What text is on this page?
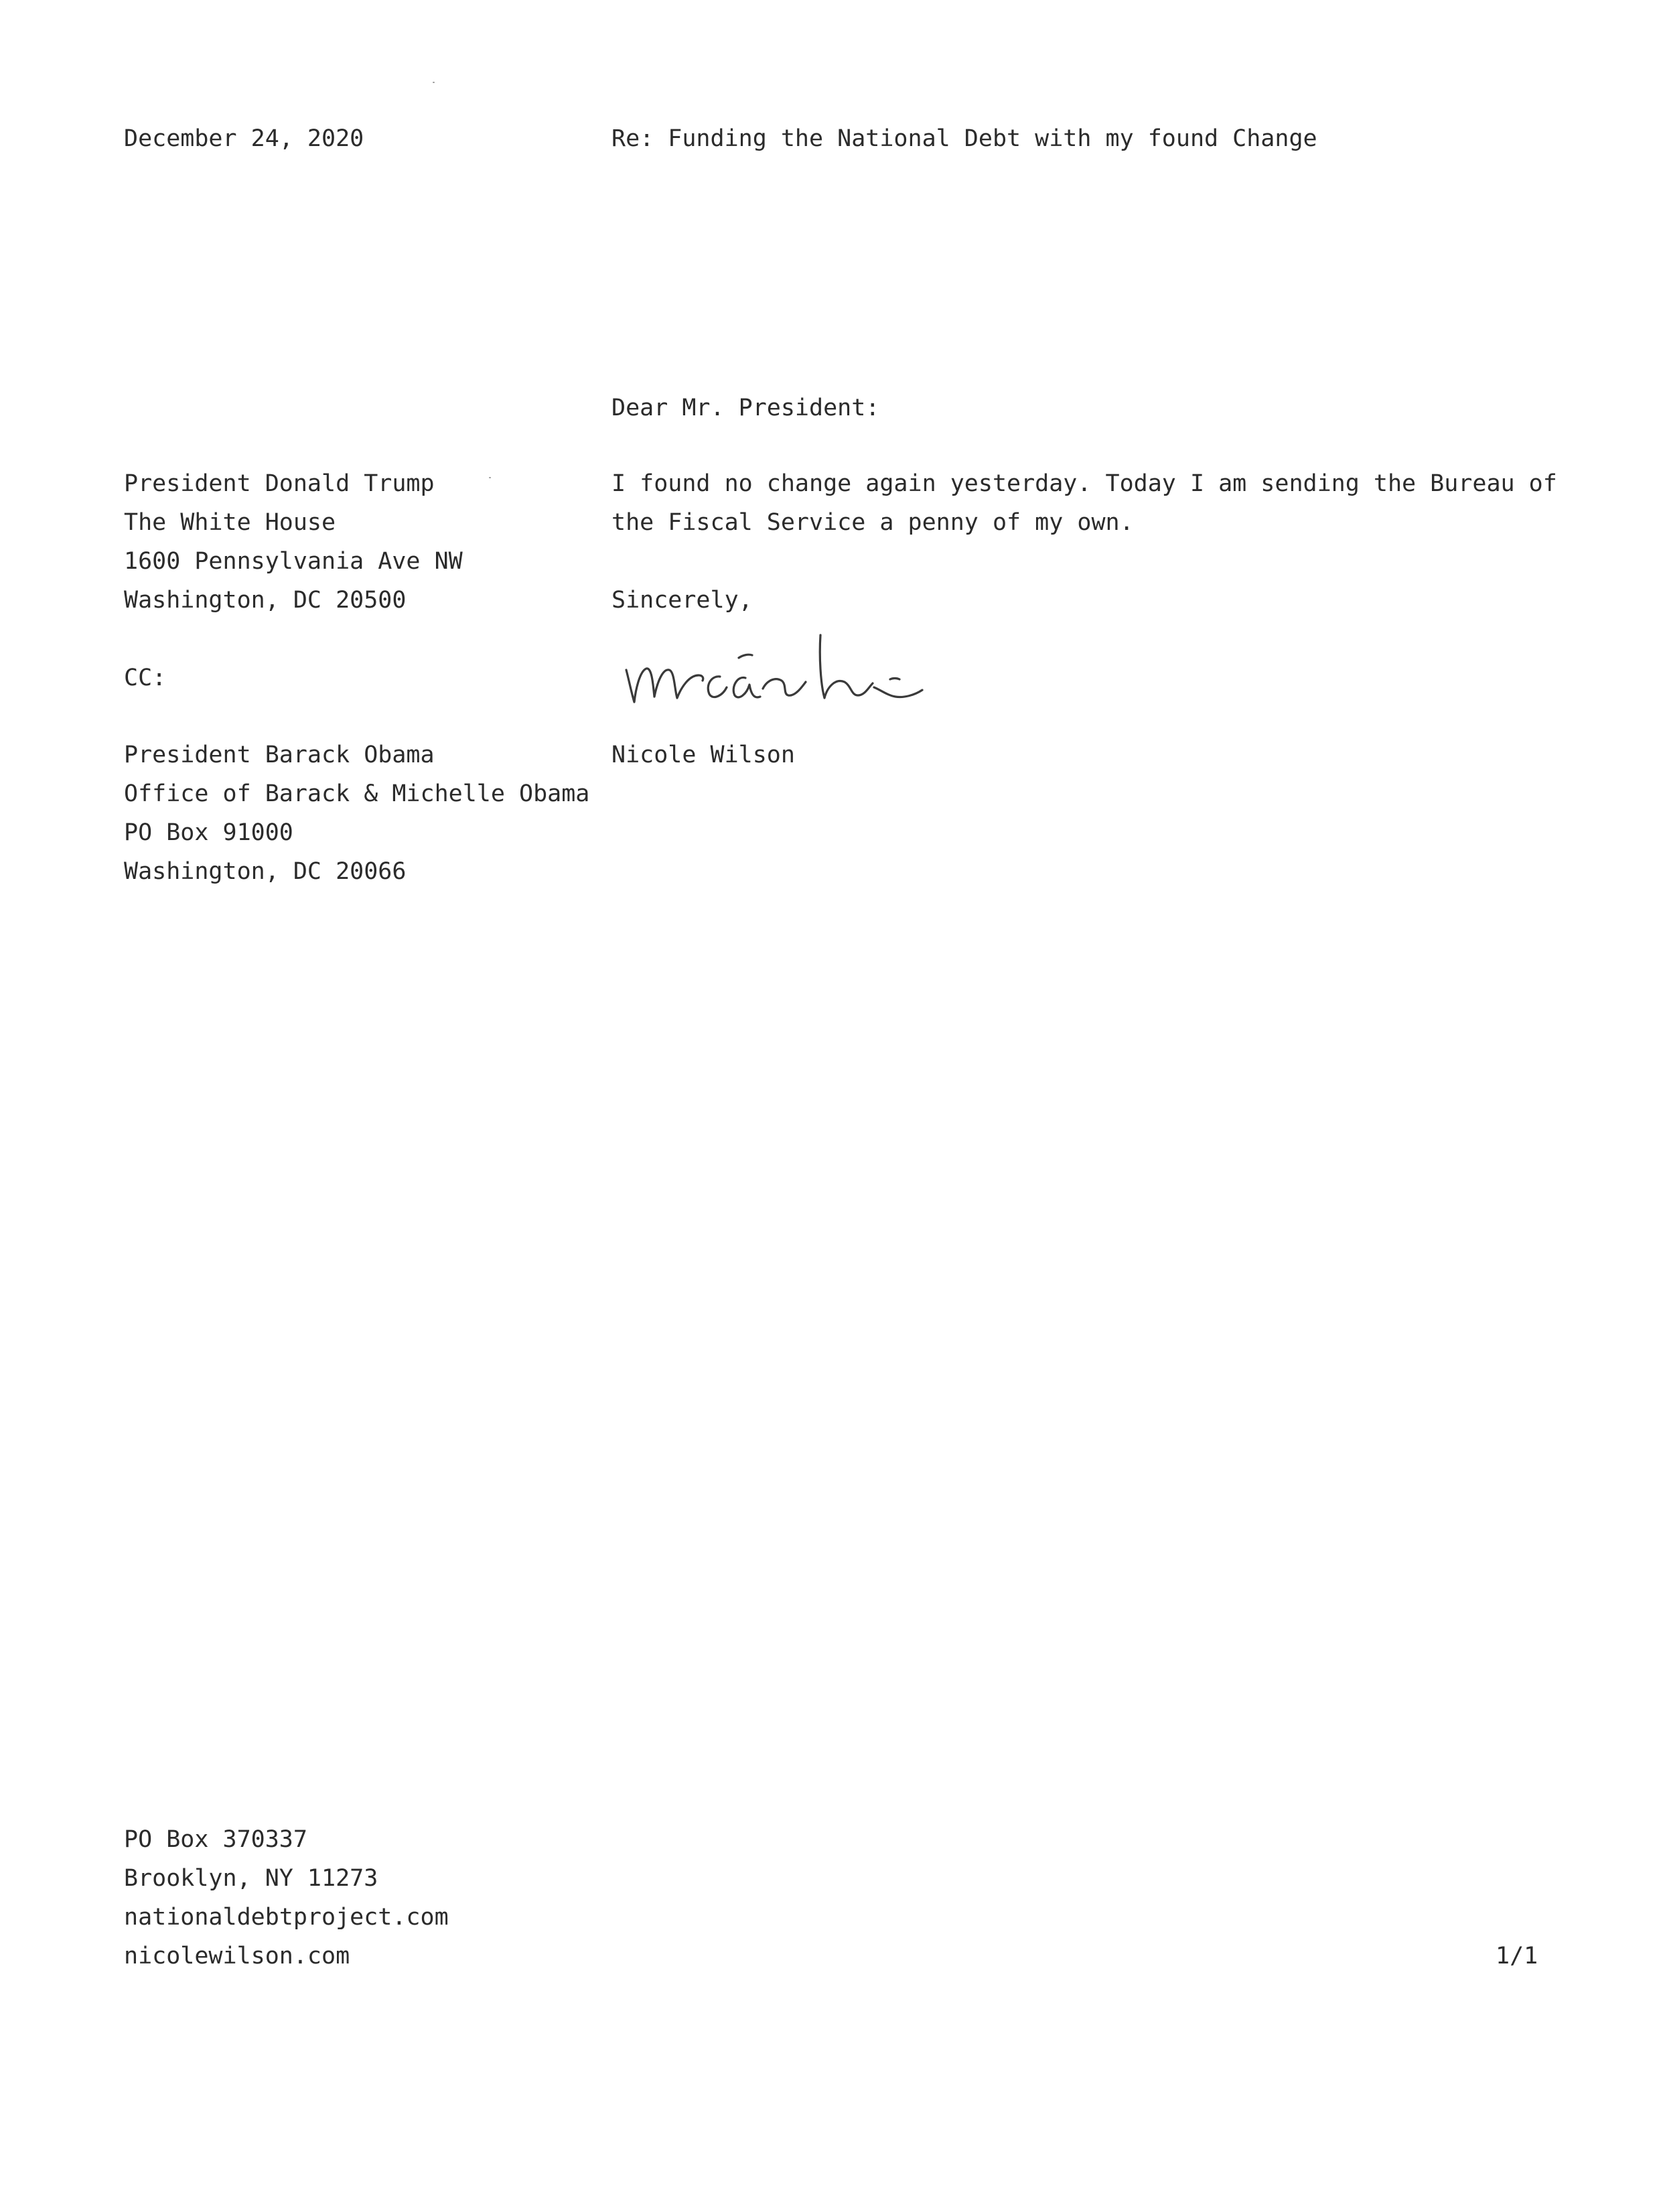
December 24, 2020	Re: Funding the National Debt with my found Change
Dear Mr. President:
President Donald Trump
The White House
1600 Pennsylvania Ave NW
Washington, DC 20500
I found no change again yesterday. Today I am sending the Bureau of
the Fiscal Service a penny of my own.
Sincerely,
CC:
President Barack Obama
Office of Barack & Michelle Obama
PO Box 91000
Washington, DC 20066
Nicole Wilson
PO Box 370337
Brooklyn, NY 11273
nationaldebtproject.com
nicolewilson.com	1/1
